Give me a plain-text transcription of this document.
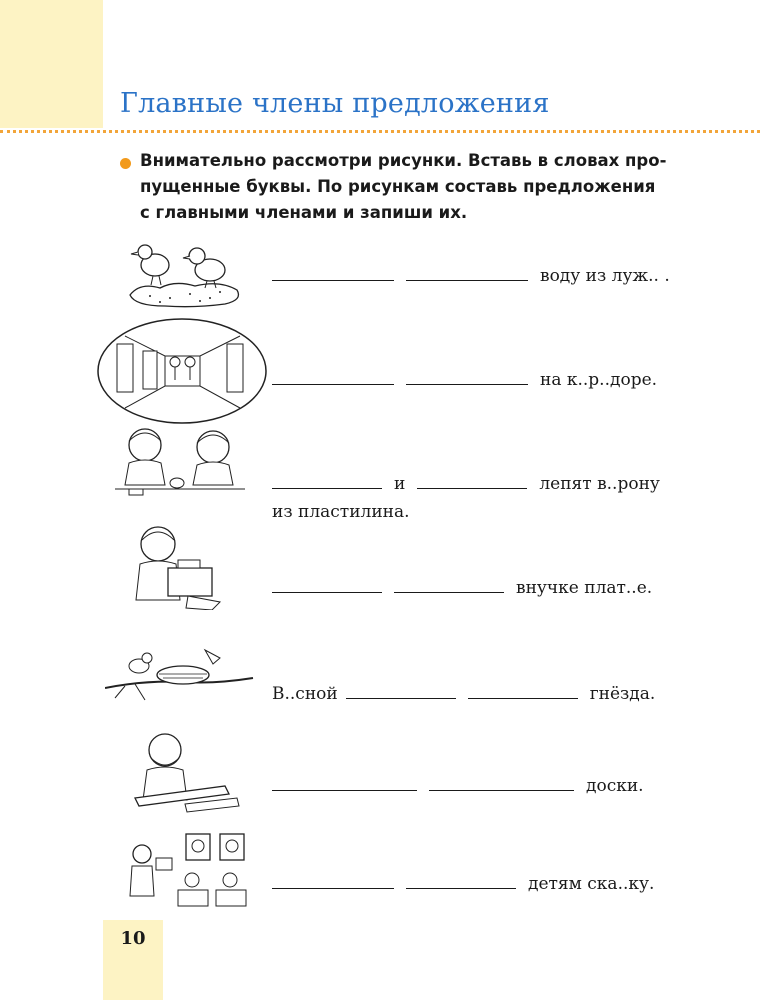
10
Главные члены предложения
Внимательно рассмотри рисунки. Вставь в словах про-
пущенные буквы. По рисункам составь предложения
с главными членами и запиши их.
воду из луж.. .
на к..р..доре.
и	лепят в..рону
из пластилина.
внучке плат..е.
В..сной	гнёзда.
доски.
детям ска..ку.
